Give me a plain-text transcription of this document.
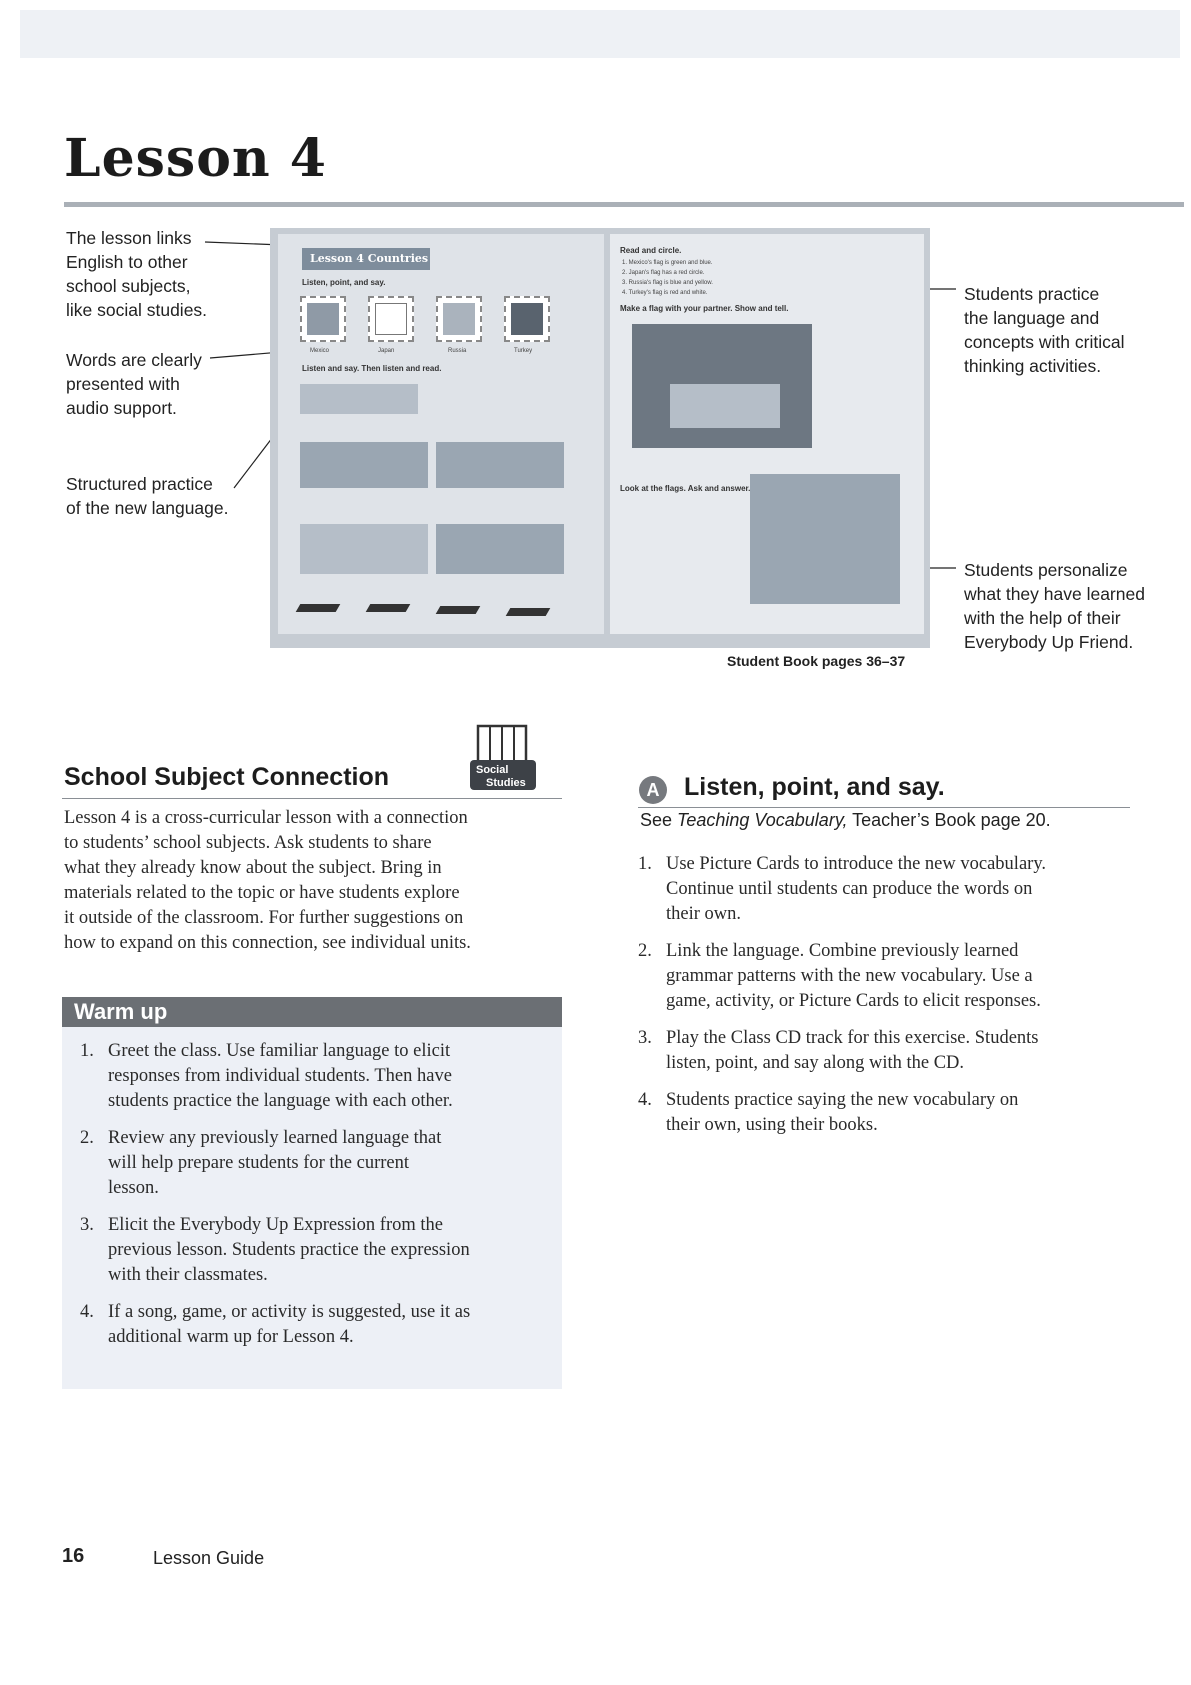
Lesson 4

The lesson links
English to other
school subjects,
like social studies.

Words are clearly
presented with
audio support.

Structured practice
of the new language.

Students practice
the language and
concepts with critical
thinking activities.

Students personalize
what they have learned
with the help of their
Everybody Up Friend.

Lesson 4 Countries
Listen, point, and say.
Mexico	Japan	Russia	Turkey
Listen and say. Then listen and read.
Read and circle.
1. Mexico's flag is green and blue.
2. Japan's flag has a red circle.
3. Russia's flag is blue and yellow.
4. Turkey's flag is red and white.
Make a flag with your partner. Show and tell.
Look at the flags. Ask and answer.
Student Book pages 36–37
School Subject Connection	Social
Studies

Lesson 4 is a cross-curricular lesson with a connection
to students’ school subjects. Ask students to share
what they already know about the subject. Bring in
materials related to the topic or have students explore
it outside of the classroom. For further suggestions on
how to expand on this connection, see individual units.

Warm up
1. Greet the class. Use familiar language to elicit
responses from individual students. Then have
students practice the language with each other.
2. Review any previously learned language that
will help prepare students for the current
lesson.
3. Elicit the Everybody Up Expression from the
previous lesson. Students practice the expression
with their classmates.
4. If a song, game, or activity is suggested, use it as
additional warm up for Lesson 4.
A Listen, point, and say.

See Teaching Vocabulary, Teacher’s Book page 20.

1. Use Picture Cards to introduce the new vocabulary.
Continue until students can produce the words on
their own.
2. Link the language. Combine previously learned
grammar patterns with the new vocabulary. Use a
game, activity, or Picture Cards to elicit responses.
3. Play the Class CD track for this exercise. Students
listen, point, and say along with the CD.
4. Students practice saying the new vocabulary on
their own, using their books.

16	Lesson Guide
